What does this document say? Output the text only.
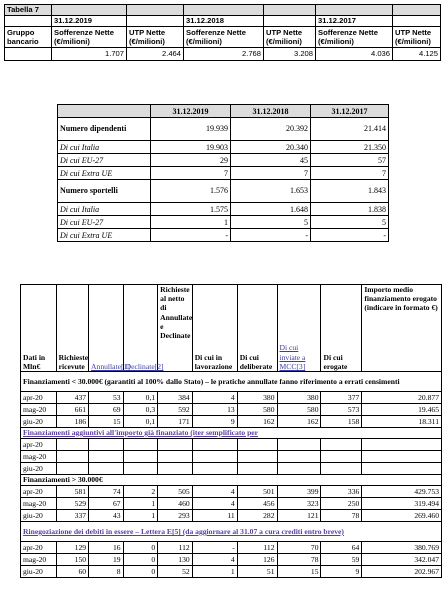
Tabella 7						
	31.12.2019		31.12.2018		31.12.2017	
Gruppo bancario	Sofferenze Nette (€/milioni)	UTP Nette (€/milioni)	Sofferenze Nette (€/milioni)	UTP Nette (€/milioni)	Sofferenze Nette (€/milioni)	UTP Nette (€/milioni)
	1.707	2.464	2.768	3.208	4.036	4.125
	31.12.2019	31.12.2018	31.12.2017
Numero dipendenti	19.939	20.392	21.414
Di cui Italia	19.903	20.340	21.350
Di cui EU-27	29	45	57
Di cui Extra UE	7	7	7
Numero sportelli	1.576	1.653	1.843
Di cui Italia	1.575	1.648	1.838
Di cui EU-27	1	5	5
Di cui Extra UE	-	-	-
Dati in Mln€	Richieste ricevute	Annullate[1]	Declinate[2]	Richieste al netto di Annullate e Declinate	Di cui in lavorazione	Di cui deliberate	Di cui inviate a MCC[3]	Di cui erogate	Importo medio finanziamento erogato (indicare in formato €)
Finanziamenti < 30.000€ (garantiti al 100% dallo Stato) – le pratiche annullate fanno riferimento a errati censimenti									
apr-20	437	53	0,1	384	4	380	380	377	20.877
mag-20	661	69	0,3	592	13	580	580	573	19.465
giu-20	186	15	0,1	171	9	162	162	158	18.311
Finanziamenti aggiuntivi all'importo già finanziato (iter semplificato per									
apr-20									
mag-20									
giu-20									
Finanziamenti > 30.000€									
apr-20	581	74	2	505	4	501	399	336	429.753
mag-20	529	67	1	460	4	456	323	250	319.494
giu-20	337	43	1	293	11	282	121	78	269.460
Rinegoziazione dei debiti in essere – Lettera E[5] (da aggiornare al 31.07 a cura crediti entro breve)									
apr-20	129	16	0	112	-	112	70	64	380.769
mag-20	150	19	0	130	4	126	78	59	342.047
giu-20	60	8	0	52	1	51	15	9	202.967
